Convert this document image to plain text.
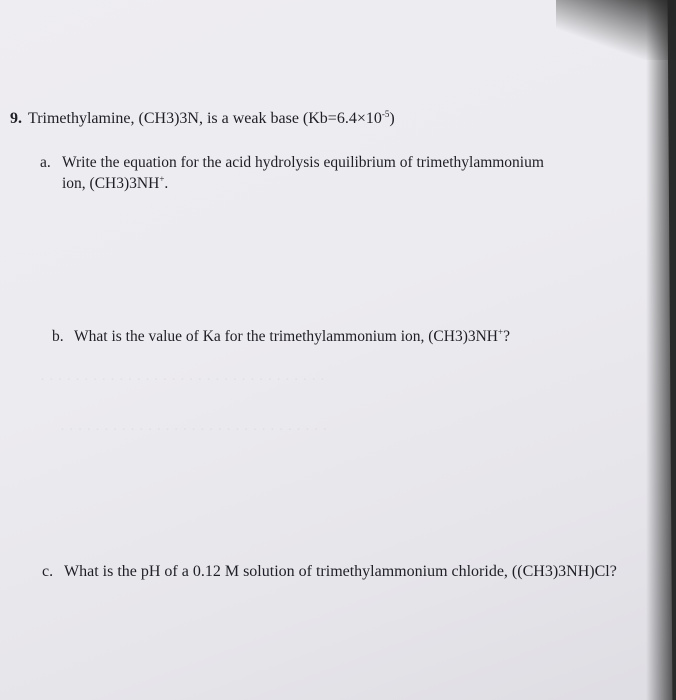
· · · · · · · · · · · · · · · · · · · · · · · · · · · · · · · · ·
· · · · · · · · · · · · · · · · · · · · · · · · · · · · · · ·
9. Trimethylamine, (CH3)3N, is a weak base $(Kb=6.4\times 10^{-5})$
a. Write the equation for the acid hydrolysis equilibrium of trimethylammonium
ion, (CH3)3NH+.
b. What is the value of Ka for the trimethylammonium ion, (CH3)3NH+?
c. What is the pH of a 0.12 M solution of trimethylammonium chloride, ((CH3)3NH)Cl?
